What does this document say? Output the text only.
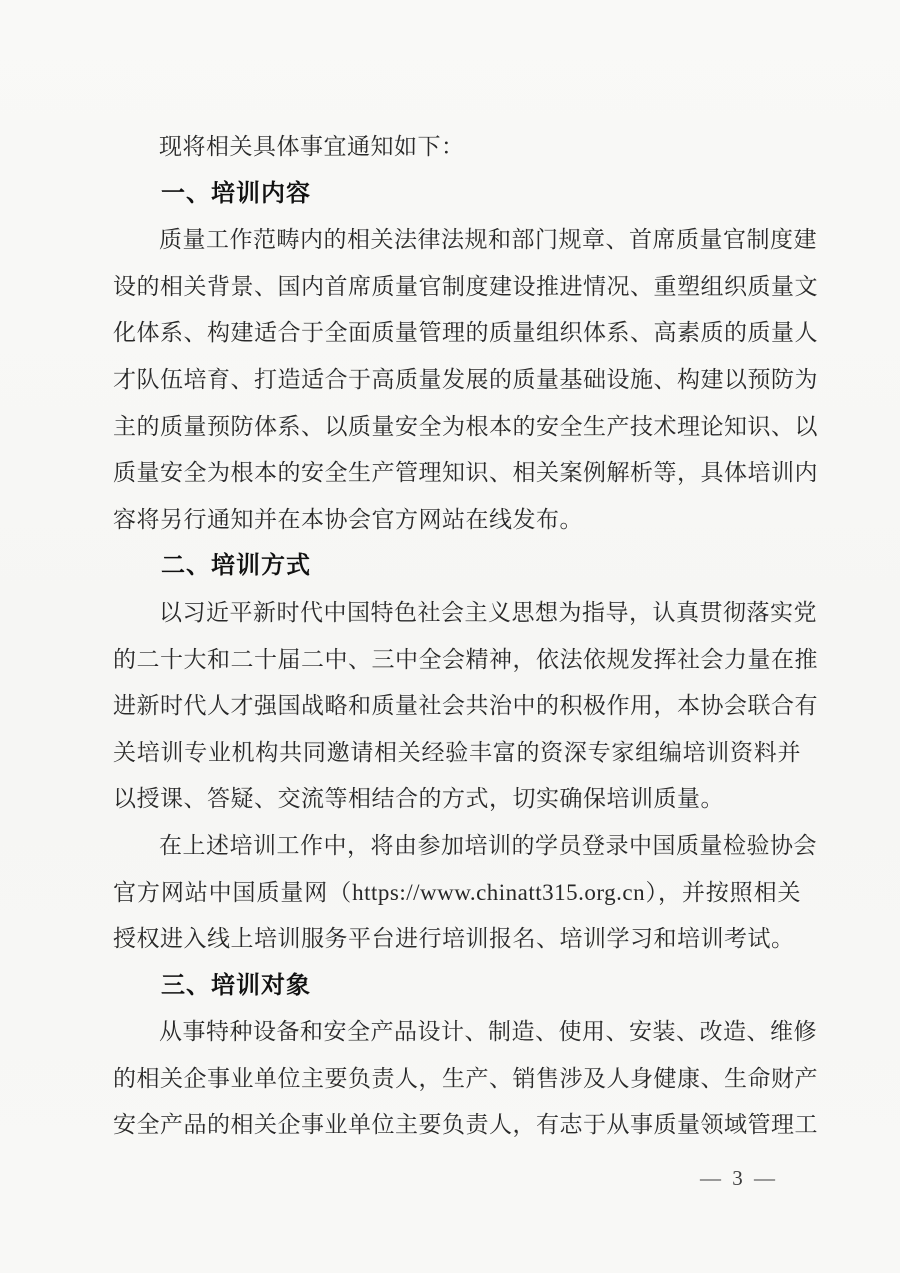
现将相关具体事宜通知如下：
一、培训内容
质量工作范畴内的相关法律法规和部门规章、首席质量官制度建
设的相关背景、国内首席质量官制度建设推进情况、重塑组织质量文
化体系、构建适合于全面质量管理的质量组织体系、高素质的质量人
才队伍培育、打造适合于高质量发展的质量基础设施、构建以预防为
主的质量预防体系、以质量安全为根本的安全生产技术理论知识、以
质量安全为根本的安全生产管理知识、相关案例解析等，具体培训内
容将另行通知并在本协会官方网站在线发布。
二、培训方式
以习近平新时代中国特色社会主义思想为指导，认真贯彻落实党
的二十大和二十届二中、三中全会精神，依法依规发挥社会力量在推
进新时代人才强国战略和质量社会共治中的积极作用，本协会联合有
关培训专业机构共同邀请相关经验丰富的资深专家组编培训资料并
以授课、答疑、交流等相结合的方式，切实确保培训质量。
在上述培训工作中，将由参加培训的学员登录中国质量检验协会
官方网站中国质量网（https://www.chinatt315.org.cn），并按照相关
授权进入线上培训服务平台进行培训报名、培训学习和培训考试。
三、培训对象
从事特种设备和安全产品设计、制造、使用、安装、改造、维修
的相关企事业单位主要负责人，生产、销售涉及人身健康、生命财产
安全产品的相关企事业单位主要负责人，有志于从事质量领域管理工
— 3 —
